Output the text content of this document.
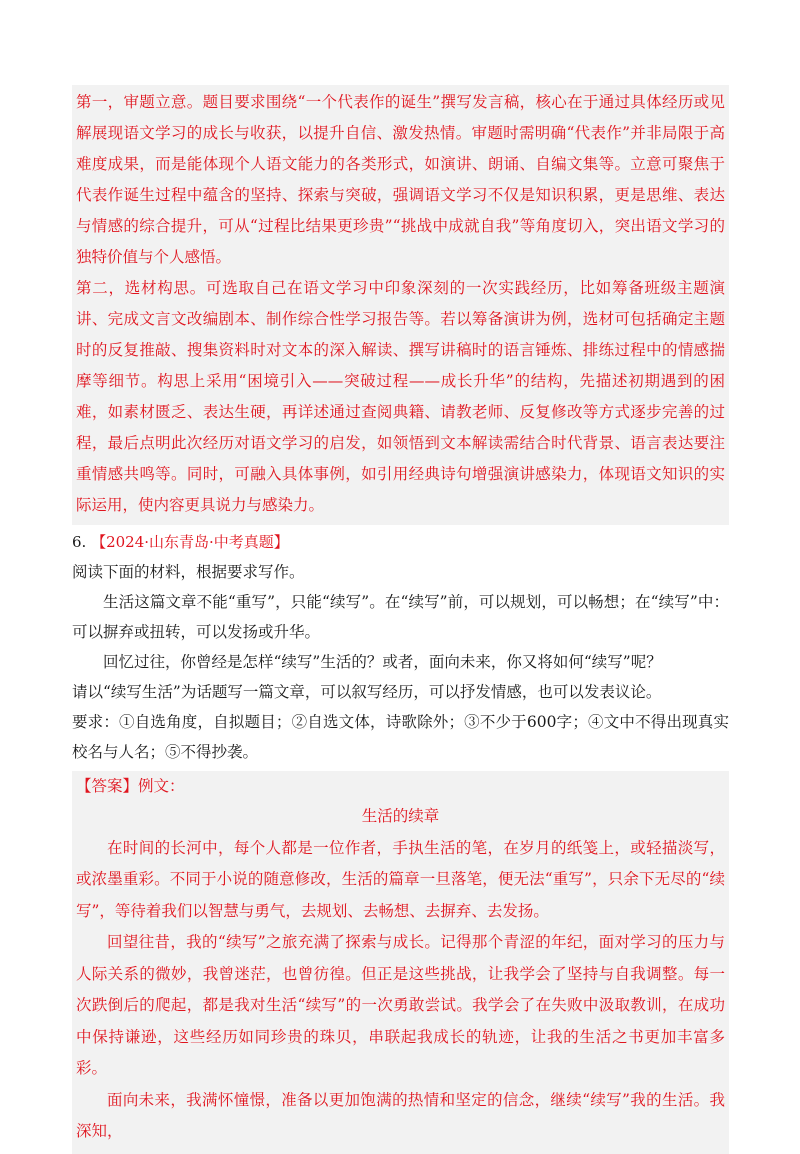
第一，审题立意。题目要求围绕“一个代表作的诞生”撰写发言稿，核心在于通过具体经历或见解展现语文学习的成长与收获，以提升自信、激发热情。审题时需明确“代表作”并非局限于高难度成果，而是能体现个人语文能力的各类形式，如演讲、朗诵、自编文集等。立意可聚焦于代表作诞生过程中蕴含的坚持、探索与突破，强调语文学习不仅是知识积累，更是思维、表达与情感的综合提升，可从“过程比结果更珍贵”“挑战中成就自我”等角度切入，突出语文学习的独特价值与个人感悟。

第二，选材构思。可选取自己在语文学习中印象深刻的一次实践经历，比如筹备班级主题演讲、完成文言文改编剧本、制作综合性学习报告等。若以筹备演讲为例，选材可包括确定主题时的反复推敲、搜集资料时对文本的深入解读、撰写讲稿时的语言锤炼、排练过程中的情感揣摩等细节。构思上采用“困境引入——突破过程——成长升华”的结构，先描述初期遇到的困难，如素材匮乏、表达生硬，再详述通过查阅典籍、请教老师、反复修改等方式逐步完善的过程，最后点明此次经历对语文学习的启发，如领悟到文本解读需结合时代背景、语言表达要注重情感共鸣等。同时，可融入具体事例，如引用经典诗句增强演讲感染力，体现语文知识的实际运用，使内容更具说力与感染力。

6. 【2024·山东青岛·中考真题】

阅读下面的材料，根据要求写作。

生活这篇文章不能“重写”，只能“续写”。在“续写”前，可以规划，可以畅想；在“续写”中：可以摒弃或扭转，可以发扬或升华。

回忆过往，你曾经是怎样“续写”生活的？或者，面向未来，你又将如何“续写”呢？

请以“续写生活”为话题写一篇文章，可以叙写经历，可以抒发情感，也可以发表议论。

要求：①自选角度，自拟题目；②自选文体，诗歌除外；③不少于600字；④文中不得出现真实校名与人名；⑤不得抄袭。

【答案】例文：

生活的续章

在时间的长河中，每个人都是一位作者，手执生活的笔，在岁月的纸笺上，或轻描淡写，或浓墨重彩。不同于小说的随意修改，生活的篇章一旦落笔，便无法“重写”，只余下无尽的“续写”，等待着我们以智慧与勇气，去规划、去畅想、去摒弃、去发扬。

回望往昔，我的“续写”之旅充满了探索与成长。记得那个青涩的年纪，面对学习的压力与人际关系的微妙，我曾迷茫，也曾彷徨。但正是这些挑战，让我学会了坚持与自我调整。每一次跌倒后的爬起，都是我对生活“续写”的一次勇敢尝试。我学会了在失败中汲取教训，在成功中保持谦逊，这些经历如同珍贵的珠贝，串联起我成长的轨迹，让我的生活之书更加丰富多彩。

面向未来，我满怀憧憬，准备以更加饱满的热情和坚定的信念，继续“续写”我的生活。我深知，
